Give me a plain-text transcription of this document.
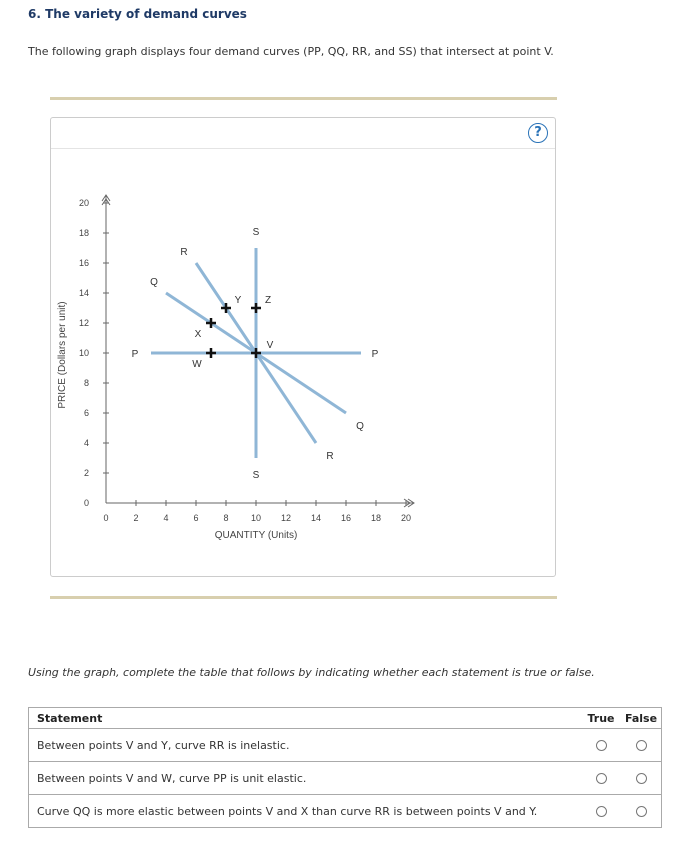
6. The variety of demand curves
The following graph displays four demand curves (PP, QQ, RR, and SS) that intersect at point V.
?
0	2	4	6	8 10 12 14 16 18 20
0
2
4
6
8
10
12
14
16
18
20
P	P
Q
Q
R
R
S
S
V
W
X
Y Z
QUANTITY (Units)
PRICE (Dollars per unit)
Using the graph, complete the table that follows by indicating whether each statement is true or false.
Statement	True	False
Between points V and Y, curve RR is inelastic.		
Between points V and W, curve PP is unit elastic.		
Curve QQ is more elastic between points V and X than curve RR is between points V and Y.		
